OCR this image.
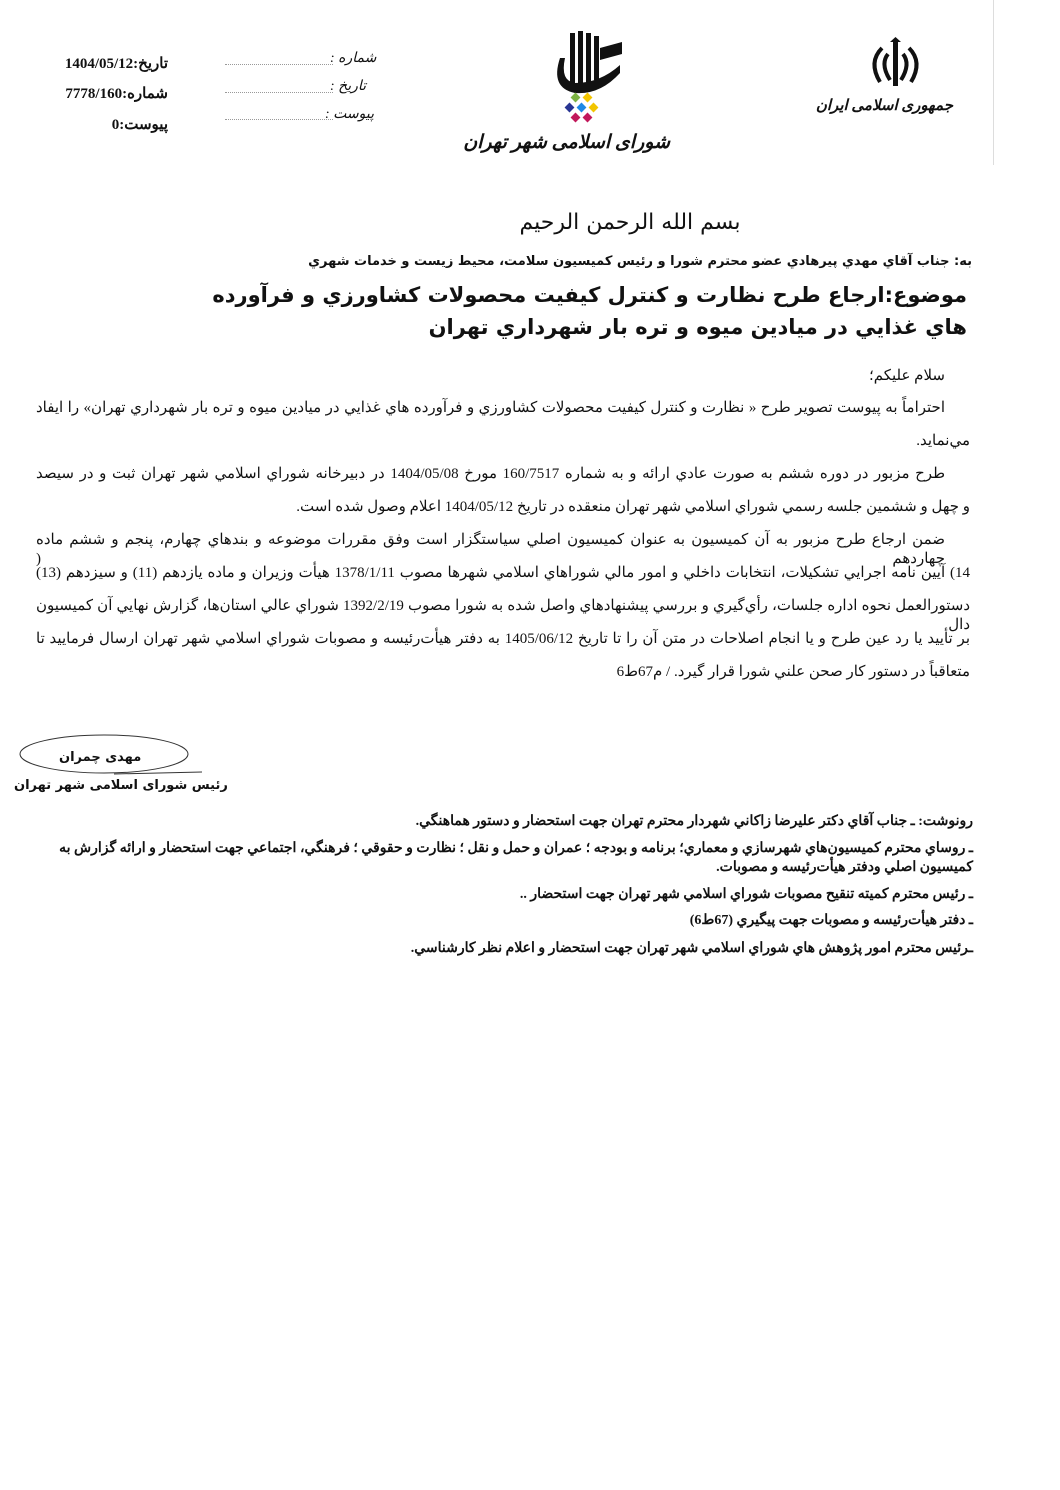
تاريخ:1404/05/12
شماره:7778/160
پيوست:0
شماره :
تاریخ :
پیوست :
شورای اسلامی شهر تهران
جمهوری اسلامی ایران
بسم الله الرحمن الرحيم
به: جناب آقاي مهدي پيرهادي عضو محترم شورا و رئيس كميسيون سلامت، محيط زيست و خدمات شهري
موضوع:ارجاع طرح نظارت و كنترل كيفيت محصولات كشاورزي و فرآورده
هاي غذايي در ميادين ميوه و تره بار شهرداري تهران
سلام عليكم؛
احتراماً به پيوست تصوير طرح « نظارت و كنترل كيفيت محصولات كشاورزي و فرآورده هاي غذايي در ميادين ميوه و تره بار شهرداري تهران» را ايفاد
مي‌نمايد.
طرح مزبور در دوره ششم به صورت عادي ارائه و به شماره 160/7517 مورخ 1404/05/08 در دبيرخانه شوراي اسلامي شهر تهران ثبت و در سيصد
و چهل و ششمين جلسه رسمي شوراي اسلامي شهر تهران منعقده در تاريخ 1404/05/12 اعلام وصول شده است.
ضمن ارجاع طرح مزبور به آن كميسيون به عنوان كميسيون اصلي سياستگزار است وفق مقررات موضوعه و بندهاي چهارم، پنجم و ششم ماده چهاردهم (
14) آيين نامه اجرايي تشكيلات، انتخابات داخلي و امور مالي شوراهاي اسلامي شهرها مصوب 1378/1/11 هيأت وزيران و ماده يازدهم (11) و سيزدهم (13)
دستورالعمل نحوه اداره جلسات، رأي‌گيري و بررسي پيشنهادهاي واصل شده به شورا مصوب 1392/2/19 شوراي عالي استان‌ها، گزارش نهايي آن كميسيون دال
بر تأييد يا رد عين طرح و يا انجام اصلاحات در متن آن را تا تاريخ 1405/06/12 به دفتر هيأت‌رئيسه و مصوبات شوراي اسلامي شهر تهران ارسال فرماييد تا
متعاقباً در دستور كار صحن علني شورا قرار گيرد. / م67ط6
مهدی چمران
رئیس شورای اسلامی شهر تهران
رونوشت: ـ جناب آقاي دكتر عليرضا زاكاني شهردار محترم تهران جهت استحضار و دستور هماهنگي.
ـ روساي محترم كميسيون‌هاي شهرسازي و معماري؛ برنامه و بودجه ؛ عمران و حمل و نقل ؛ نظارت و حقوقي ؛ فرهنگي، اجتماعي جهت استحضار و ارائه گزارش به
كميسيون اصلي ودفتر هيأت‌رئيسه و مصوبات.
ـ رئيس محترم كميته تنقيح مصوبات شوراي اسلامي شهر تهران جهت استحضار ..
ـ دفتر هيأت‌رئيسه و مصوبات جهت پيگيري (67ط6)
ـرئيس محترم امور پژوهش هاي شوراي اسلامي شهر تهران جهت استحضار و اعلام نظر كارشناسي.
